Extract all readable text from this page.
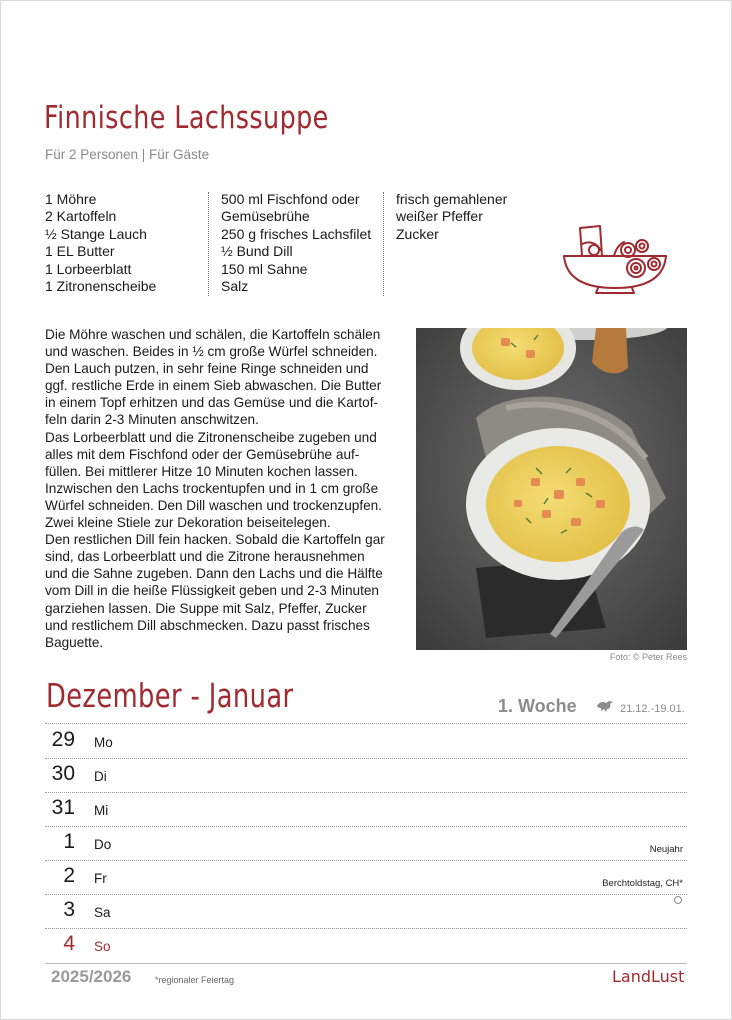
Finnische Lachssuppe
Für 2 Personen | Für Gäste
1 Möhre
2 Kartoffeln
½ Stange Lauch
1 EL Butter
1 Lorbeerblatt
1 Zitronenscheibe
500 ml Fischfond oder
Gemüsebrühe
250 g frisches Lachsfilet
½ Bund Dill
150 ml Sahne
Salz
frisch gemahlener
weißer Pfeffer
Zucker

Die Möhre waschen und schälen, die Kartoffeln schälen und waschen. Beides in ½ cm große Würfel schneiden. Den Lauch putzen, in sehr feine Ringe schneiden und ggf. restliche Erde in einem Sieb abwaschen. Die Butter in einem Topf erhitzen und das Gemüse und die Kartoffeln darin 2-3 Minuten anschwitzen.

Das Lorbeerblatt und die Zitronenscheibe zugeben und alles mit dem Fischfond oder der Gemüsebrühe auffüllen. Bei mittlerer Hitze 10 Minuten kochen lassen. Inzwischen den Lachs trockentupfen und in 1 cm große Würfel schneiden. Den Dill waschen und trockenzupfen. Zwei kleine Stiele zur Dekoration beiseitelegen.

Den restlichen Dill fein hacken. Sobald die Kartoffeln gar sind, das Lorbeerblatt und die Zitrone herausnehmen und die Sahne zugeben. Dann den Lachs und die Hälfte vom Dill in die heiße Flüssigkeit geben und 2-3 Minuten garziehen lassen. Die Suppe mit Salz, Pfeffer, Zucker und restlichem Dill abschmecken. Dazu passt frisches Baguette.

Foto: © Peter Rees
Dezember - Januar	1. Woche	21.12.-19.01.
29 Mo
30 Di
31 Mi
1 Do	Neujahr
2 Fr	Berchtoldstag, CH*
3 Sa
4 So
2025/2026	*regionaler Feiertag	LandLust
